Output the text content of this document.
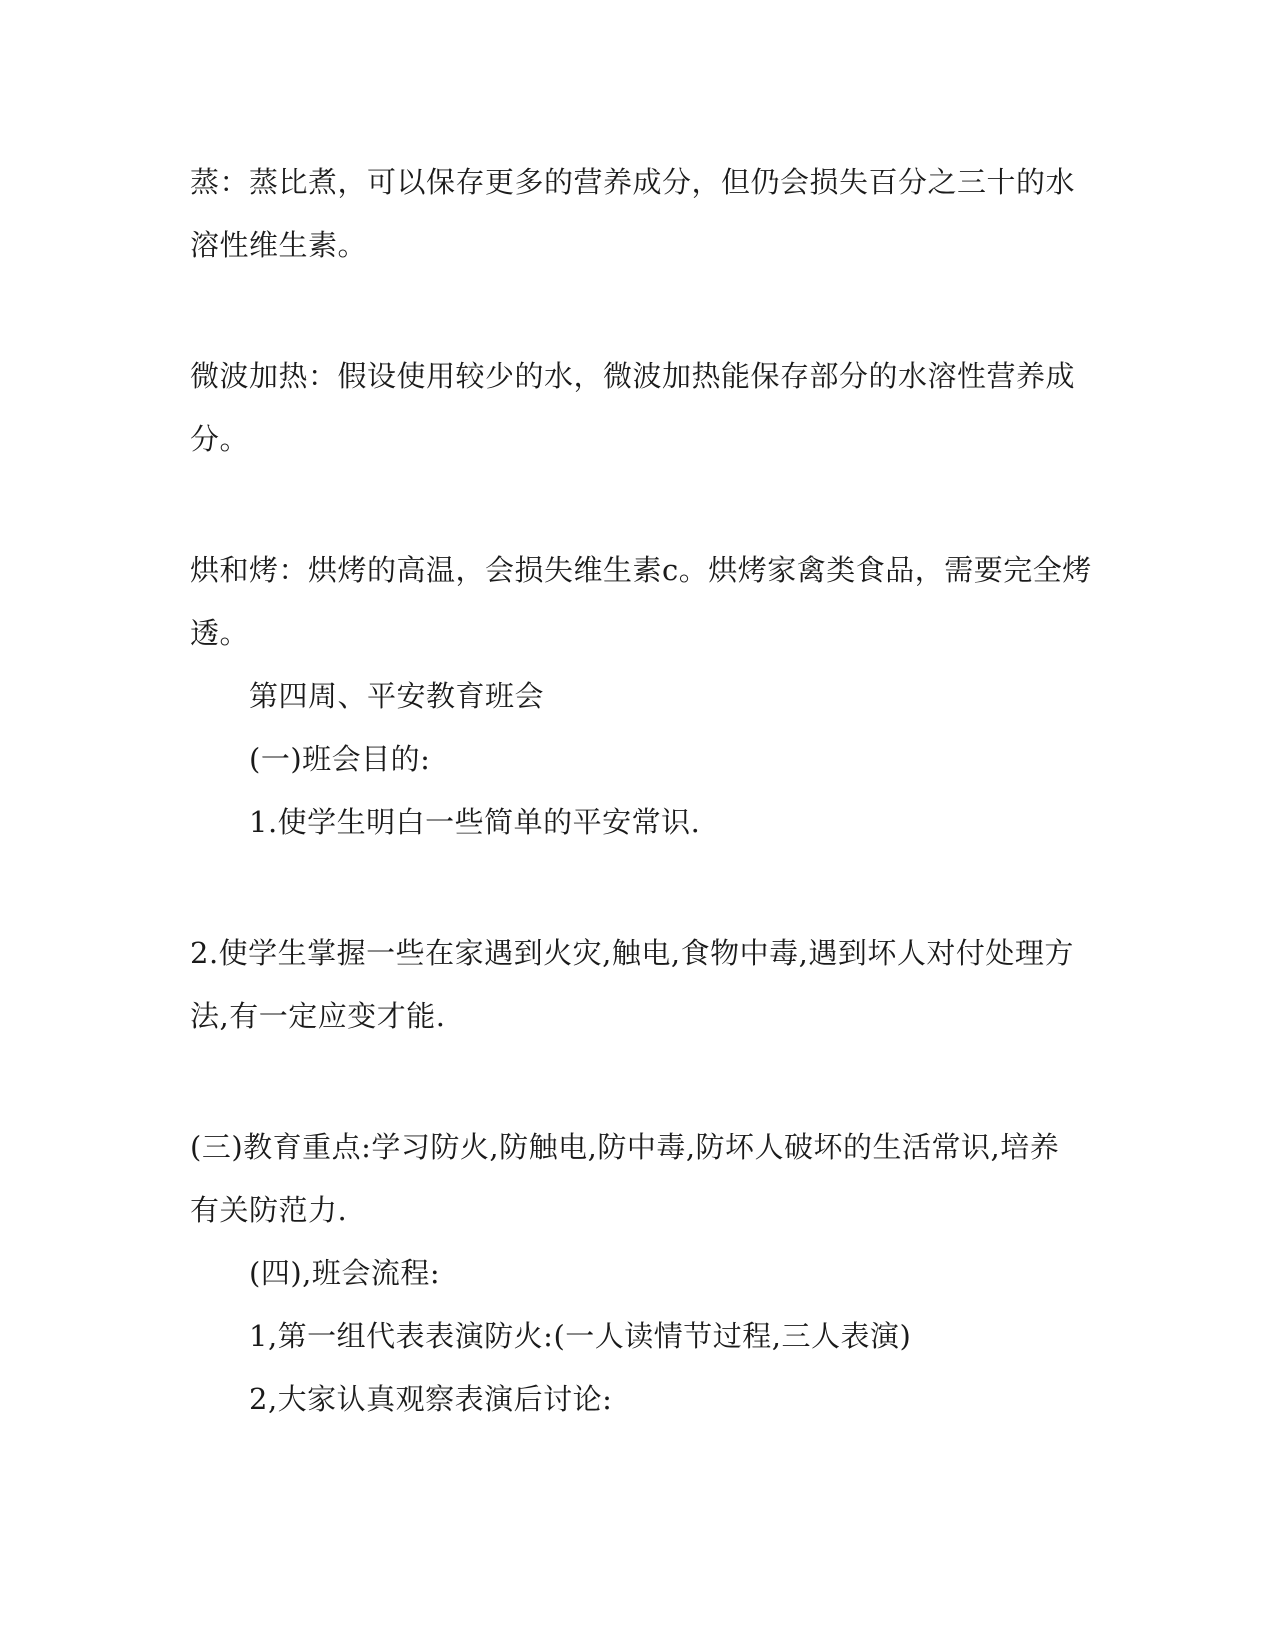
蒸：蒸比煮，可以保存更多的营养成分，但仍会损失百分之三十的水
溶性维生素。
微波加热：假设使用较少的水，微波加热能保存部分的水溶性营养成
分。
烘和烤：烘烤的高温，会损失维生素c。烘烤家禽类食品，需要完全烤
透。
第四周、平安教育班会
(一)班会目的:
1.使学生明白一些简单的平安常识.
2.使学生掌握一些在家遇到火灾,触电,食物中毒,遇到坏人对付处理方
法,有一定应变才能.
(三)教育重点:学习防火,防触电,防中毒,防坏人破坏的生活常识,培养
有关防范力.
(四),班会流程:
1,第一组代表表演防火:(一人读情节过程,三人表演)
2,大家认真观察表演后讨论:
